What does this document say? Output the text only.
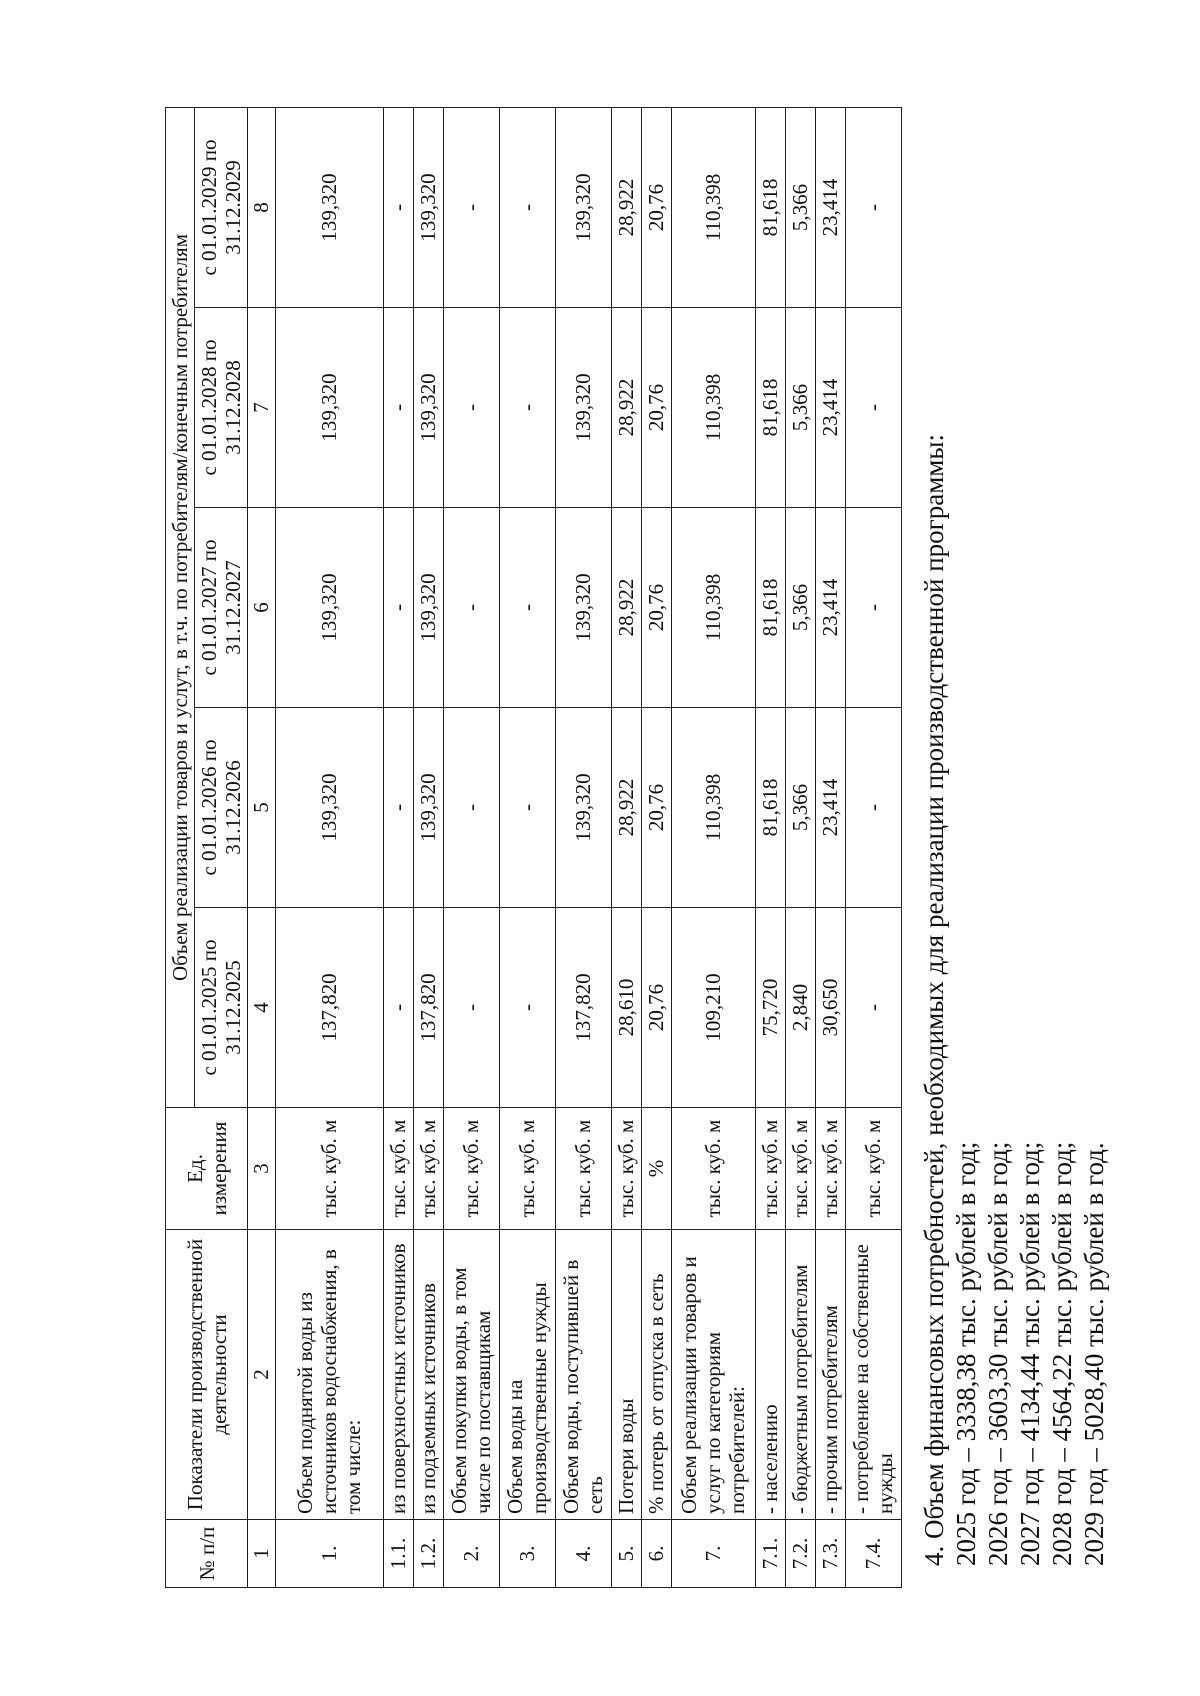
№ п/п	Показатели производственной деятельности	Ед. измерения	Объем реализации товаров и услут, в т.ч. по потребителям/конечным потребителям				
			с 01.01.2025 по 31.12.2025	с 01.01.2026 по 31.12.2026	с 01.01.2027 по 31.12.2027	с 01.01.2028 по 31.12.2028	с 01.01.2029 по 31.12.2029
1	2	3	4	5	6	7	8
1.	Объем поднятой воды из источников водоснабжения, в том числе:	тыс. куб. м	137,820	139,320	139,320	139,320	139,320
1.1.	из поверхностных источников	тыс. куб. м	-	-	-	-	-
1.2.	из подземных источников	тыс. куб. м	137,820	139,320	139,320	139,320	139,320
2.	Объем покупки воды, в том числе по поставщикам	тыс. куб. м	-	-	-	-	-
3.	Объем воды на производственные нужды	тыс. куб. м	-	-	-	-	-
4.	Объем воды, поступившей в сеть	тыс. куб. м	137,820	139,320	139,320	139,320	139,320
5.	Потери воды	тыс. куб. м	28,610	28,922	28,922	28,922	28,922
6.	% потерь от отпуска в сеть	%	20,76	20,76	20,76	20,76	20,76
7.	Объем реализации товаров и услуг по категориям потребителей:	тыс. куб. м	109,210	110,398	110,398	110,398	110,398
7.1.	- населению	тыс. куб. м	75,720	81,618	81,618	81,618	81,618
7.2.	- бюджетным потребителям	тыс. куб. м	2,840	5,366	5,366	5,366	5,366
7.3.	- прочим потребителям	тыс. куб. м	30,650	23,414	23,414	23,414	23,414
7.4.	- потребление на собственные нужды	тыс. куб. м	-	-	-	-	-
4. Объем финансовых потребностей, необходимых для реализации производственной программы: 2025 год – 3338,38 тыс. рублей в год; 2026 год – 3603,30 тыс. рублей в год; 2027 год – 4134,44 тыс. рублей в год; 2028 год – 4564,22 тыс. рублей в год; 2029 год – 5028,40 тыс. рублей в год.
